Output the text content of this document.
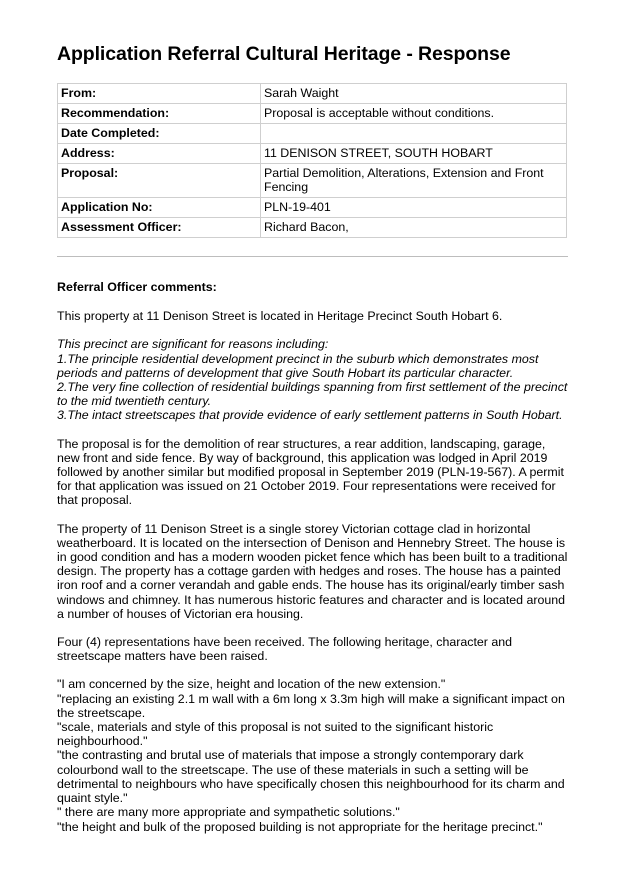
Application Referral Cultural Heritage - Response
From:	Sarah Waight
Recommendation:	Proposal is acceptable without conditions.
Date Completed:	
Address:	11 DENISON STREET, SOUTH HOBART
Proposal:	Partial Demolition, Alterations, Extension and Front Fencing
Application No:	PLN-19-401
Assessment Officer:	Richard Bacon,

Referral Officer comments:

This property at 11 Denison Street is located in Heritage Precinct South Hobart 6.

This precinct are significant for reasons including:
1.The principle residential development precinct in the suburb which demonstrates most periods and patterns of development that give South Hobart its particular character.
2.The very fine collection of residential buildings spanning from first settlement of the precinct to the mid twentieth century.
3.The intact streetscapes that provide evidence of early settlement patterns in South Hobart.

The proposal is for the demolition of rear structures, a rear addition, landscaping, garage, new front and side fence. By way of background, this application was lodged in April 2019 followed by another similar but modified proposal in September 2019 (PLN-19-567). A permit for that application was issued on 21 October 2019. Four representations were received for that proposal.

The property of 11 Denison Street is a single storey Victorian cottage clad in horizontal weatherboard. It is located on the intersection of Denison and Hennebry Street. The house is in good condition and has a modern wooden picket fence which has been built to a traditional design. The property has a cottage garden with hedges and roses. The house has a painted iron roof and a corner verandah and gable ends. The house has its original/early timber sash windows and chimney. It has numerous historic features and character and is located around a number of houses of Victorian era housing.

Four (4) representations have been received. The following heritage, character and streetscape matters have been raised.

"I am concerned by the size, height and location of the new extension."
"replacing an existing 2.1 m wall with a 6m long x 3.3m high will make a significant impact on the streetscape.
"scale, materials and style of this proposal is not suited to the significant historic neighbourhood."
"the contrasting and brutal use of materials that impose a strongly contemporary dark colourbond wall to the streetscape. The use of these materials in such a setting will be detrimental to neighbours who have specifically chosen this neighbourhood for its charm and quaint style."
" there are many more appropriate and sympathetic solutions."
"the height and bulk of the proposed building is not appropriate for the heritage precinct."
